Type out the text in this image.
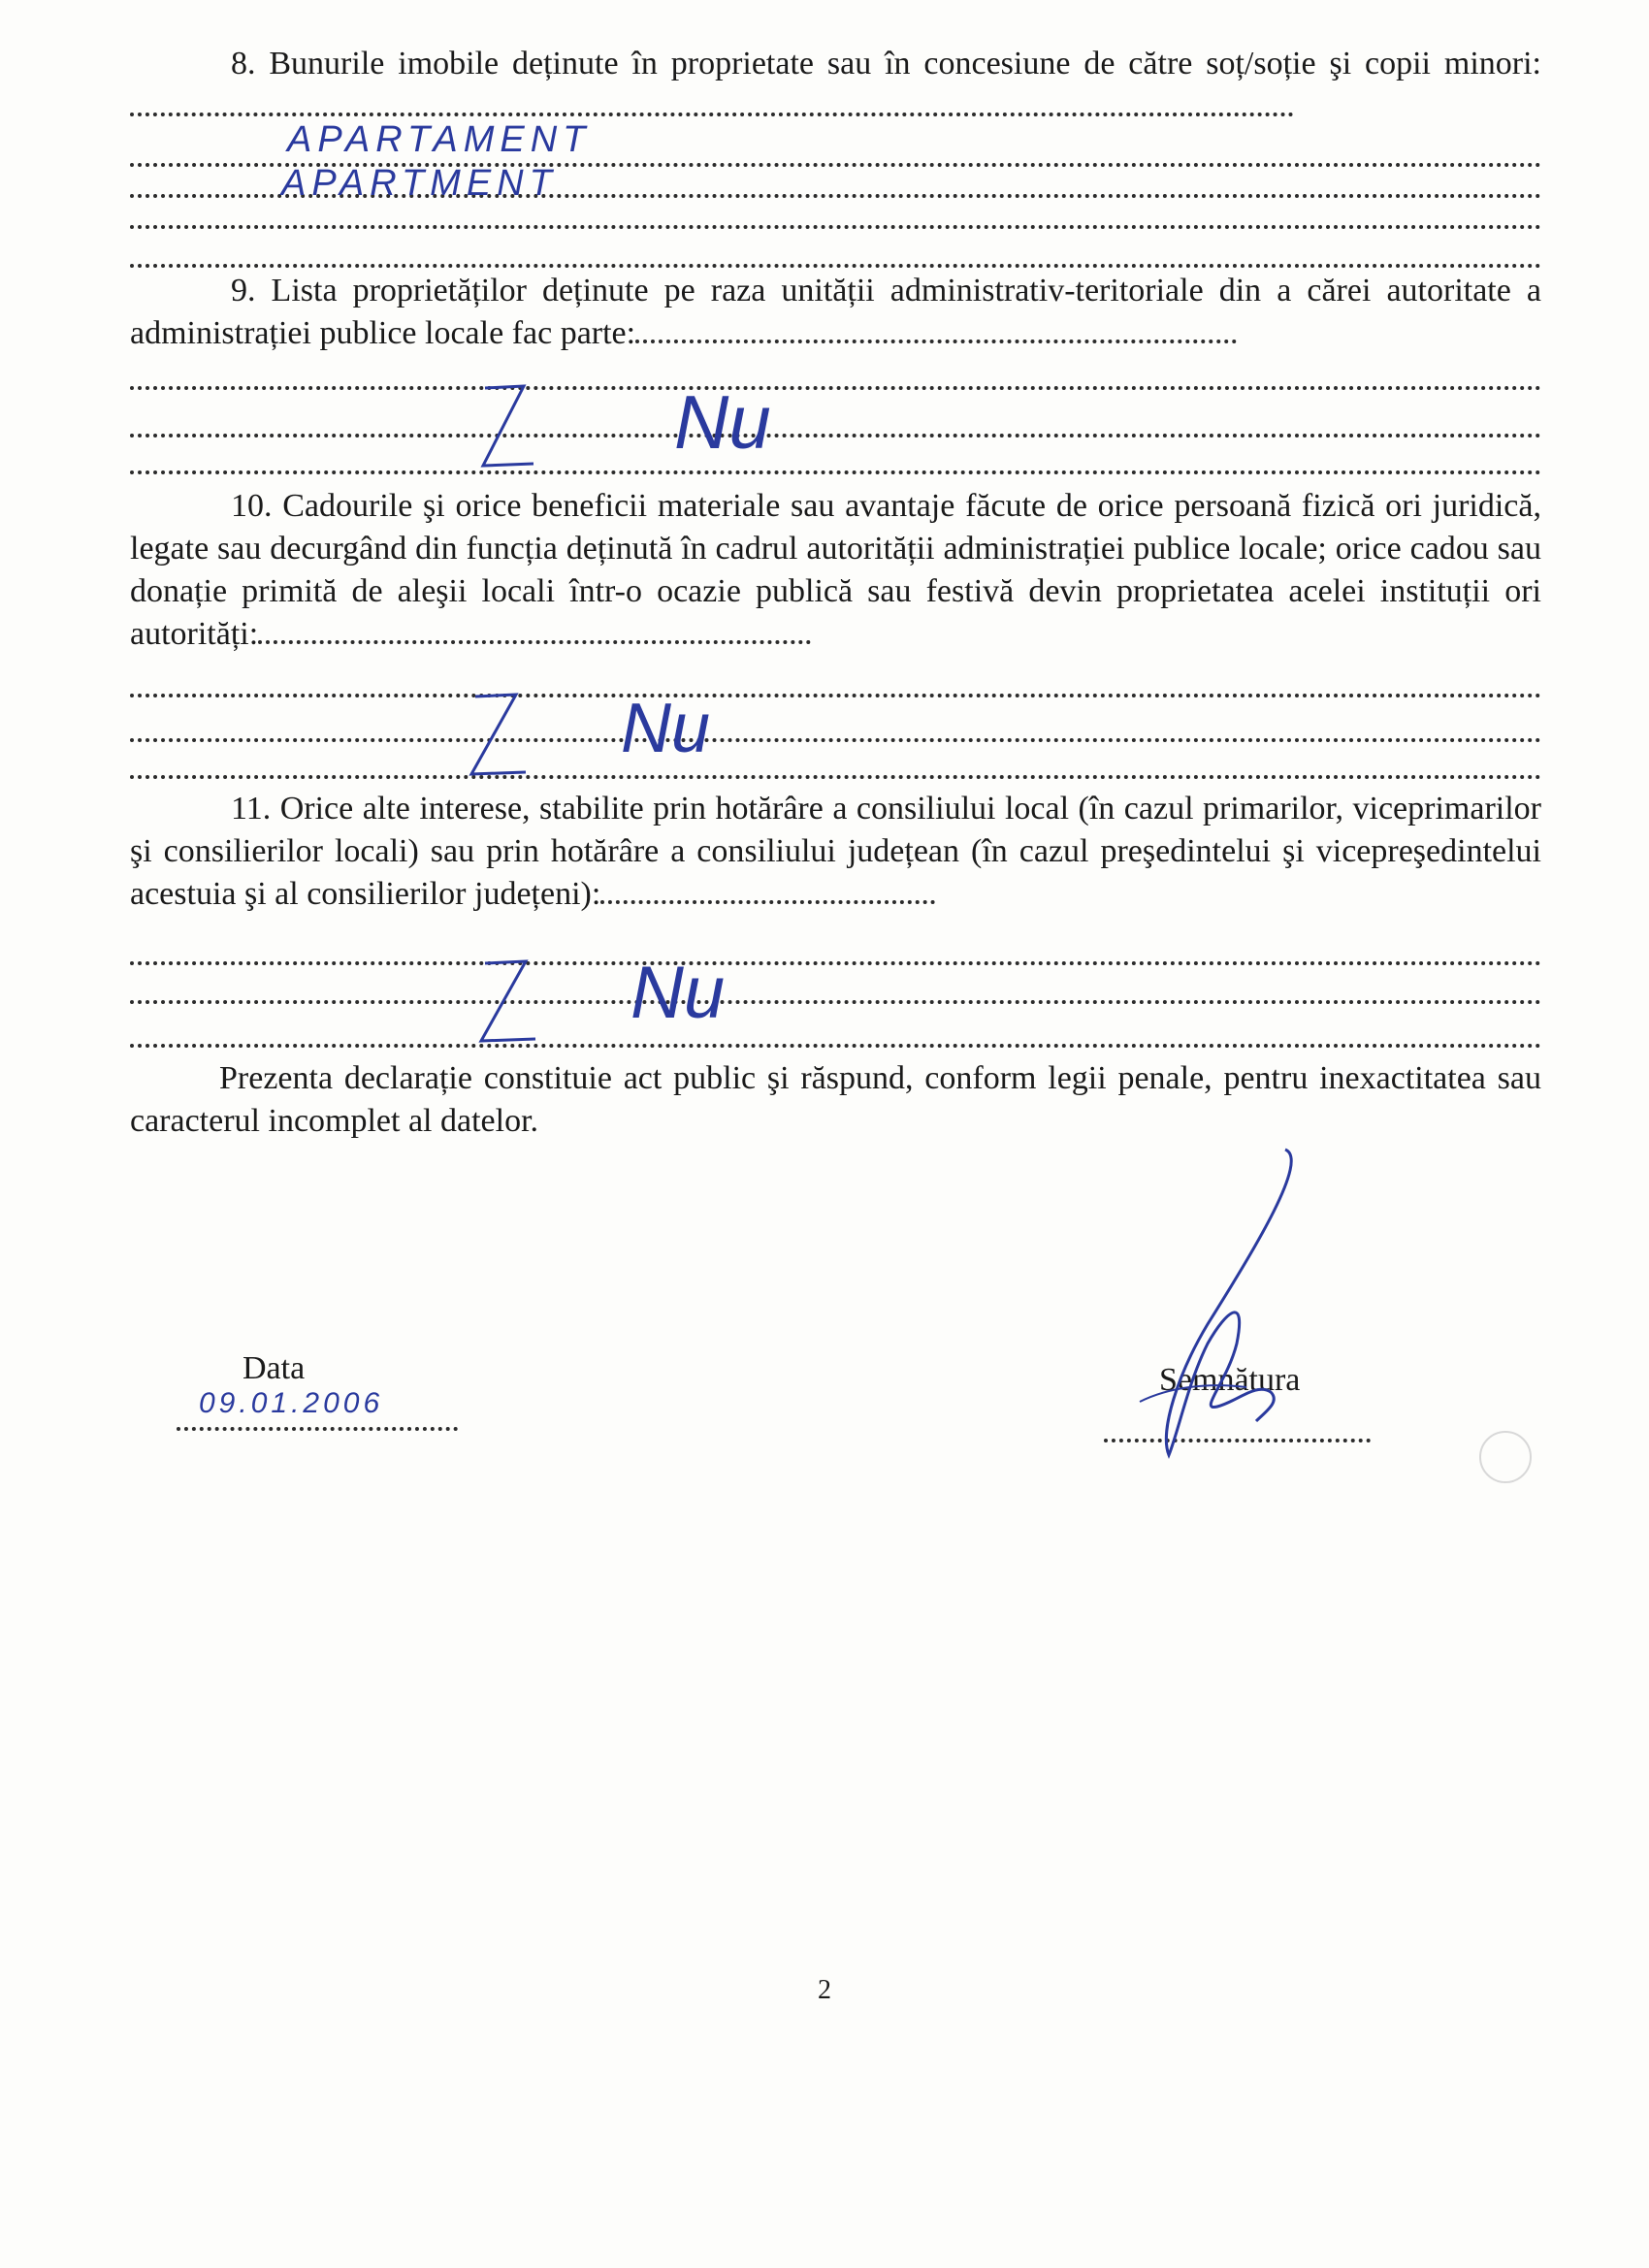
8. Bunurile imobile deținute în proprietate sau în concesiune de către soț/soție şi copii minori:

APARTAMENT
APARTMENT

9. Lista proprietăților deținute pe raza unității administrativ-teritoriale din a cărei autoritate a administrației publice locale fac parte:

Nu

10. Cadourile şi orice beneficii materiale sau avantaje făcute de orice persoană fizică ori juridică, legate sau decurgând din funcția deținută în cadrul autorității administrației publice locale; orice cadou sau donație primită de aleşii locali într-o ocazie publică sau festivă devin proprietatea acelei instituții ori autorități:

Nu

11. Orice alte interese, stabilite prin hotărâre a consiliului local (în cazul primarilor, viceprimarilor şi consilierilor locali) sau prin hotărâre a consiliului județean (în cazul preşedintelui şi vicepreşedintelui acestuia şi al consilierilor județeni):

Nu

Prezenta declarație constituie act public şi răspund, conform legii penale, pentru inexactitatea sau caracterul incomplet al datelor.

Data
09.01.2006
Semnătura
2
